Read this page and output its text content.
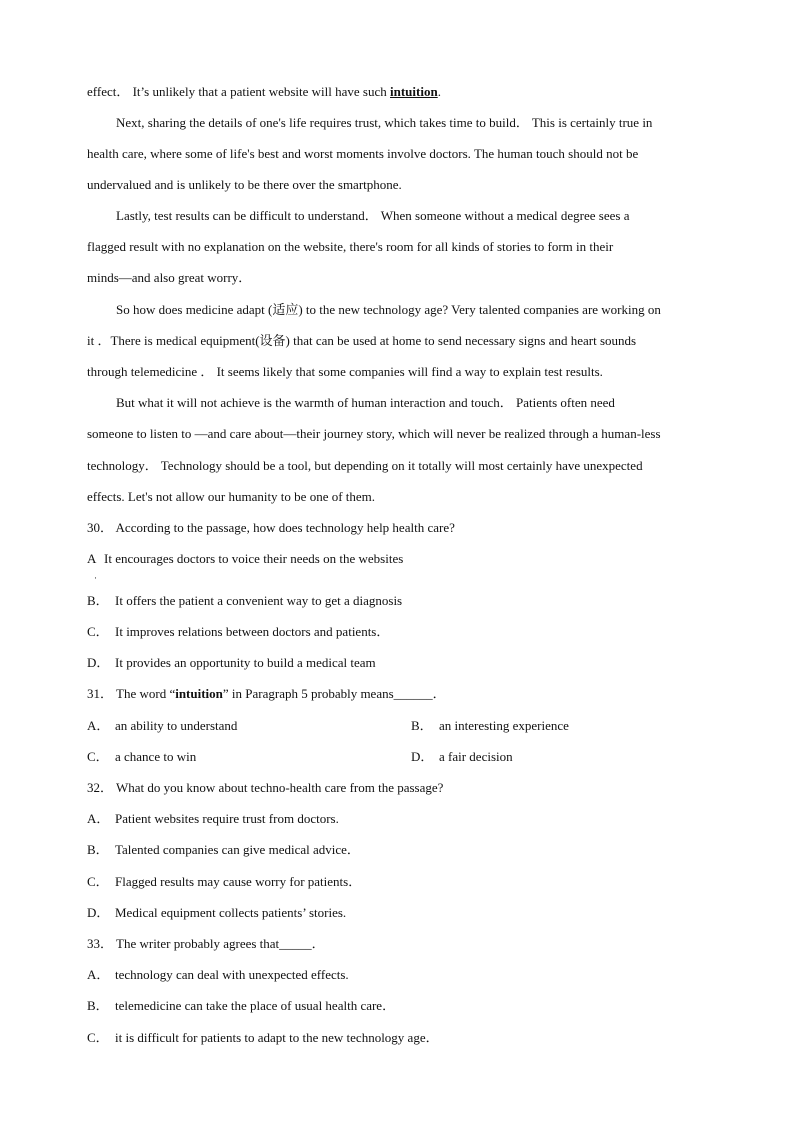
effect． It’s unlikely that a patient website will have such intuition.
Next, sharing the details of one's life requires trust, which takes time to build． This is certainly true in
health care, where some of life's best and worst moments involve doctors. The human touch should not be
undervalued and is unlikely to be there over the smartphone.
Lastly, test results can be difficult to understand． When someone without a medical degree sees a
flagged result with no explanation on the website, there's room for all kinds of stories to form in their
minds—and also great worry．
So how does medicine adapt (适应) to the new technology age? Very talented companies are working on
it ．There is medical equipment(设备) that can be used at home to send necessary signs and heart sounds
through telemedicine ． It seems likely that some companies will find a way to explain test results.
But what it will not achieve is the warmth of human interaction and touch． Patients often need
someone to listen to —and care about—their journey story, which will never be realized through a human-less
technology． Technology should be a tool, but depending on it totally will most certainly have unexpected
effects. Let's not allow our humanity to be one of them.
30． According to the passage, how does technology help health care?
A It encourages doctors to voice their needs on the websites
·
B． It offers the patient a convenient way to get a diagnosis
C． It improves relations between doctors and patients．
D． It provides an opportunity to build a medical team
31． The word “intuition” in Paragraph 5 probably means______．
A． an ability to understand	B． an interesting experience
C． a chance to win	D． a fair decision
32． What do you know about techno-health care from the passage?
A． Patient websites require trust from doctors.
B． Talented companies can give medical advice．
C． Flagged results may cause worry for patients．
D． Medical equipment collects patients’ stories.
33． The writer probably agrees that_____．
A． technology can deal with unexpected effects.
B． telemedicine can take the place of usual health care．
C． it is difficult for patients to adapt to the new technology age．
